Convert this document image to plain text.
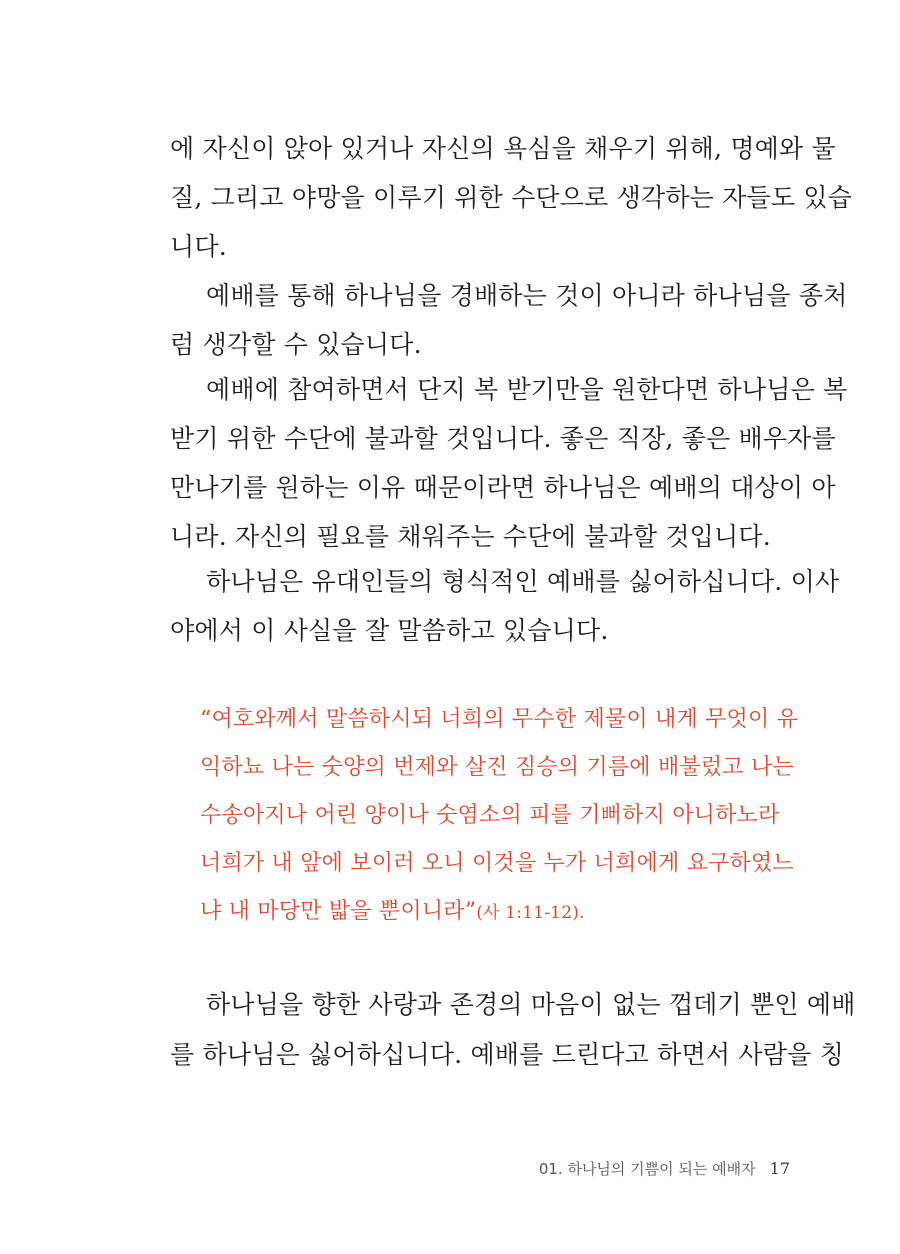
에 자신이 앉아 있거나 자신의 욕심을 채우기 위해, 명예와 물
질, 그리고 야망을 이루기 위한 수단으로 생각하는 자들도 있습
니다.
예배를 통해 하나님을 경배하는 것이 아니라 하나님을 종처
럼 생각할 수 있습니다.
예배에 참여하면서 단지 복 받기만을 원한다면 하나님은 복
받기 위한 수단에 불과할 것입니다. 좋은 직장, 좋은 배우자를
만나기를 원하는 이유 때문이라면 하나님은 예배의 대상이 아
니라. 자신의 필요를 채워주는 수단에 불과할 것입니다.
하나님은 유대인들의 형식적인 예배를 싫어하십니다. 이사
야에서 이 사실을 잘 말씀하고 있습니다.
“여호와께서 말씀하시되 너희의 무수한 제물이 내게 무엇이 유
익하뇨 나는 숫양의 번제와 살진 짐승의 기름에 배불렀고 나는
수송아지나 어린 양이나 숫염소의 피를 기뻐하지 아니하노라
너희가 내 앞에 보이러 오니 이것을 누가 너희에게 요구하였느
냐 내 마당만 밟을 뿐이니라”(사 1:11-12).
하나님을 향한 사랑과 존경의 마음이 없는 껍데기 뿐인 예배
를 하나님은 싫어하십니다. 예배를 드린다고 하면서 사람을 칭
01. 하나님의 기쁨이 되는 예배자 17
